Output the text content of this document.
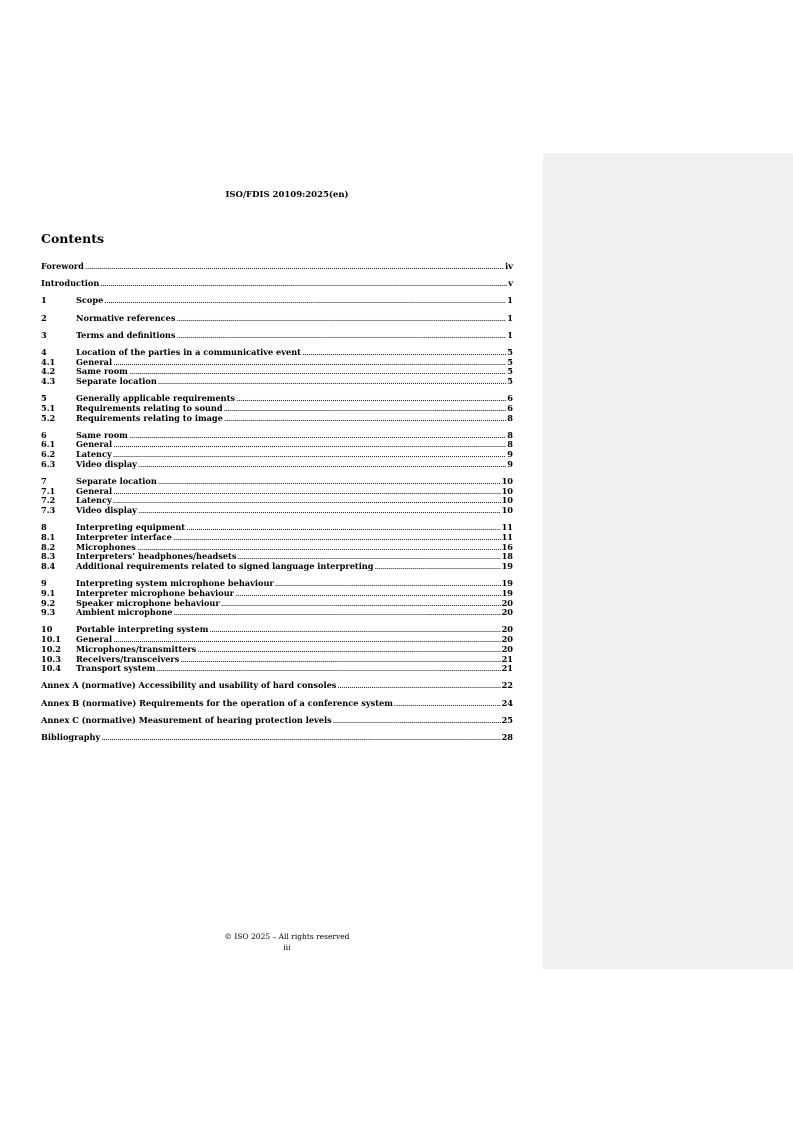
ISO/FDIS 20109:2025(en)
Contents
Foreword .....	iv
Introduction .....	v
1	Scope .....	1
2	Normative references .....	1
3	Terms and definitions .....	1
4	Location of the parties in a communicative event .....	5
4.1	General .....	5
4.2	Same room .....	5
4.3	Separate location .....	5
5	Generally applicable requirements .....	6
5.1	Requirements relating to sound .....	6
5.2	Requirements relating to image .....	8
6	Same room .....	8
6.1	General .....	8
6.2	Latency .....	9
6.3	Video display .....	9
7	Separate location .....	10
7.1	General .....	10
7.2	Latency .....	10
7.3	Video display .....	10
8	Interpreting equipment .....	11
8.1	Interpreter interface .....	11
8.2	Microphones .....	16
8.3	Interpreters’ headphones/headsets .....	18
8.4	Additional requirements related to signed language interpreting .....	19
9	Interpreting system microphone behaviour .....	19
9.1	Interpreter microphone behaviour .....	19
9.2	Speaker microphone behaviour .....	20
9.3	Ambient microphone .....	20
10	Portable interpreting system .....	20
10.1	General .....	20
10.2	Microphones/transmitters .....	20
10.3	Receivers/transceivers .....	21
10.4	Transport system .....	21
Annex A (normative) Accessibility and usability of hard consoles .....	22
Annex B (normative) Requirements for the operation of a conference system .....	24
Annex C (normative) Measurement of hearing protection levels .....	25
Bibliography .....	28
© ISO 2025 – All rights reserved
iii
